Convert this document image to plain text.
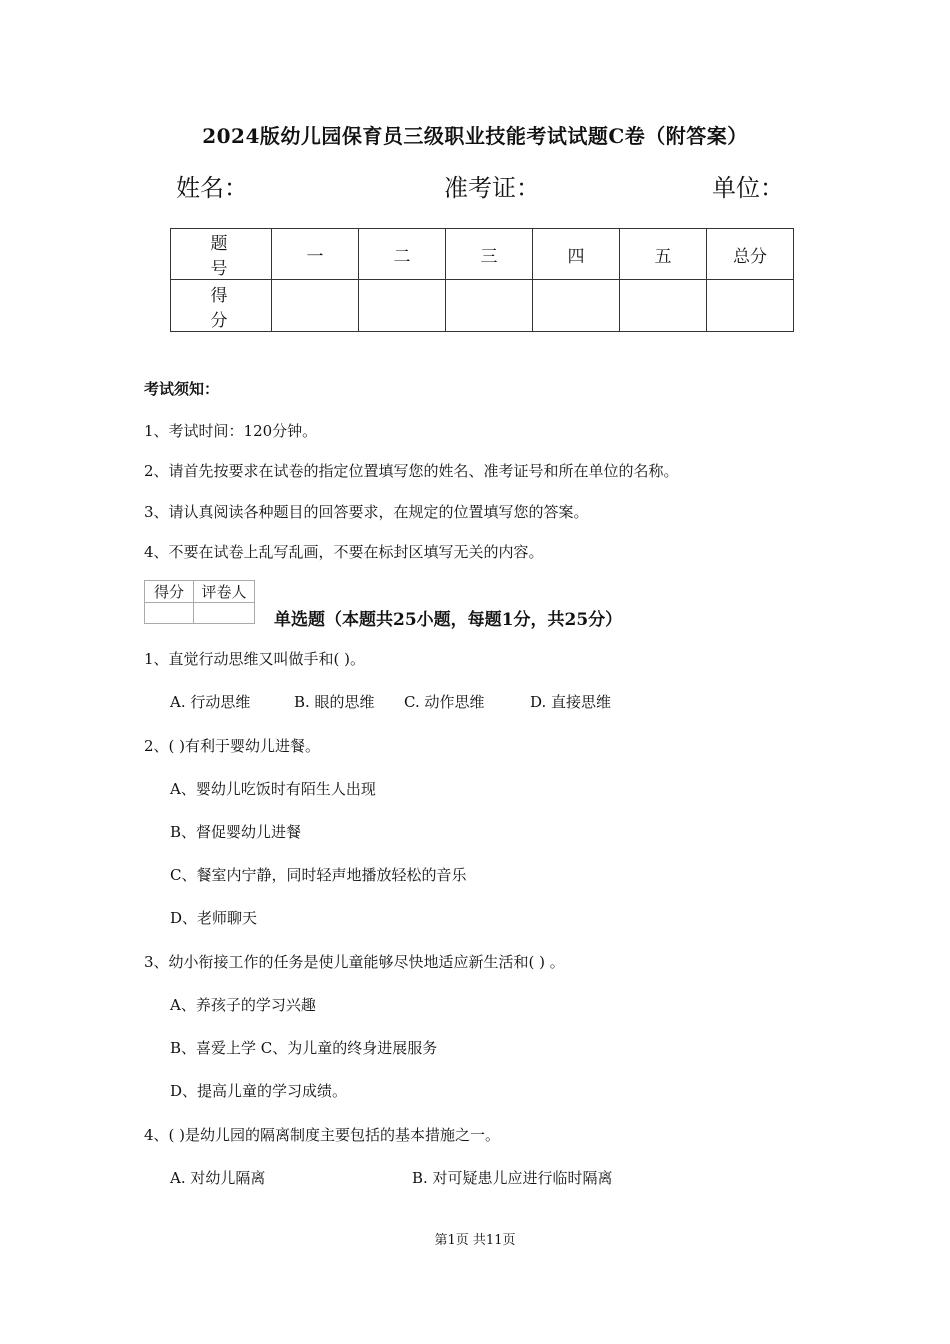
2024版幼儿园保育员三级职业技能考试试题C卷（附答案）
姓名：	准考证：	单位：
题 号	一	二	三	四	五	总分
得 分						
考试须知：
1、考试时间：120分钟。
2、请首先按要求在试卷的指定位置填写您的姓名、准考证号和所在单位的名称。
3、请认真阅读各种题目的回答要求，在规定的位置填写您的答案。
4、不要在试卷上乱写乱画，不要在标封区填写无关的内容。
得分	评卷人

单选题（本题共25小题，每题1分，共25分）
1、直觉行动思维又叫做手和( )。
A. 行动思维	B. 眼的思维 C. 动作思维	D. 直接思维
2、( )有利于婴幼儿进餐。
A、婴幼儿吃饭时有陌生人出现
B、督促婴幼儿进餐
C、餐室内宁静，同时轻声地播放轻松的音乐
D、老师聊天
3、幼小衔接工作的任务是使儿童能够尽快地适应新生活和( ) 。
A、养孩子的学习兴趣
B、喜爱上学 C、为儿童的终身进展服务
D、提高儿童的学习成绩。
4、( )是幼儿园的隔离制度主要包括的基本措施之一。
A. 对幼儿隔离	B. 对可疑患儿应进行临时隔离
第1页 共11页
